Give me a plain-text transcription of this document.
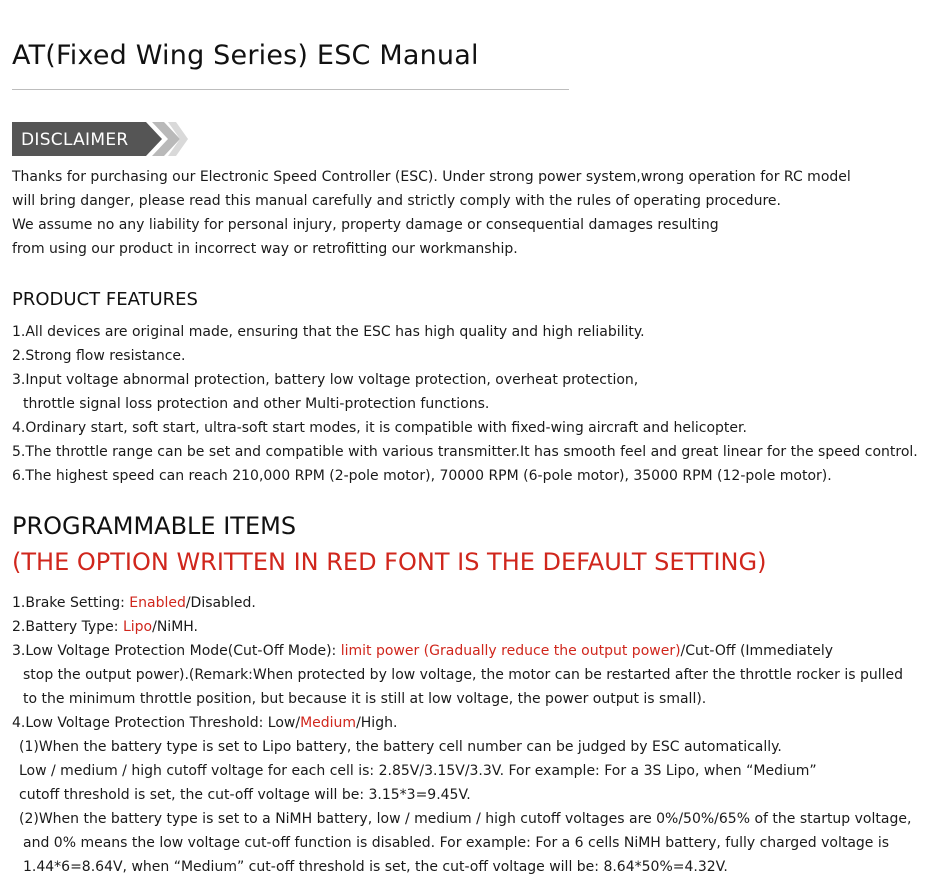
AT(Fixed Wing Series) ESC Manual
DISCLAIMER
Thanks for purchasing our Electronic Speed Controller (ESC). Under strong power system,wrong operation for RC model
will bring danger, please read this manual carefully and strictly comply with the rules of operating procedure.
We assume no any liability for personal injury, property damage or consequential damages resulting
from using our product in incorrect way or retrofitting our workmanship.
PRODUCT FEATURES
1.All devices are original made, ensuring that the ESC has high quality and high reliability.
2.Strong flow resistance.
3.Input voltage abnormal protection, battery low voltage protection, overheat protection,
throttle signal loss protection and other Multi-protection functions.
4.Ordinary start, soft start, ultra-soft start modes, it is compatible with fixed-wing aircraft and helicopter.
5.The throttle range can be set and compatible with various transmitter.It has smooth feel and great linear for the speed control.
6.The highest speed can reach 210,000 RPM (2-pole motor), 70000 RPM (6-pole motor), 35000 RPM (12-pole motor).
PROGRAMMABLE ITEMS
(THE OPTION WRITTEN IN RED FONT IS THE DEFAULT SETTING)
1.Brake Setting: Enabled/Disabled.
2.Battery Type: Lipo/NiMH.
3.Low Voltage Protection Mode(Cut-Off Mode): limit power (Gradually reduce the output power)/Cut-Off (Immediately
stop the output power).(Remark:When protected by low voltage, the motor can be restarted after the throttle rocker is pulled
to the minimum throttle position, but because it is still at low voltage, the power output is small).
4.Low Voltage Protection Threshold: Low/Medium/High.
(1)When the battery type is set to Lipo battery, the battery cell number can be judged by ESC automatically.
Low / medium / high cutoff voltage for each cell is: 2.85V/3.15V/3.3V. For example: For a 3S Lipo, when “Medium”
cutoff threshold is set, the cut-off voltage will be: 3.15*3=9.45V.
(2)When the battery type is set to a NiMH battery, low / medium / high cutoff voltages are 0%/50%/65% of the startup voltage,
and 0% means the low voltage cut-off function is disabled. For example: For a 6 cells NiMH battery, fully charged voltage is
1.44*6=8.64V, when “Medium” cut-off threshold is set, the cut-off voltage will be: 8.64*50%=4.32V.
